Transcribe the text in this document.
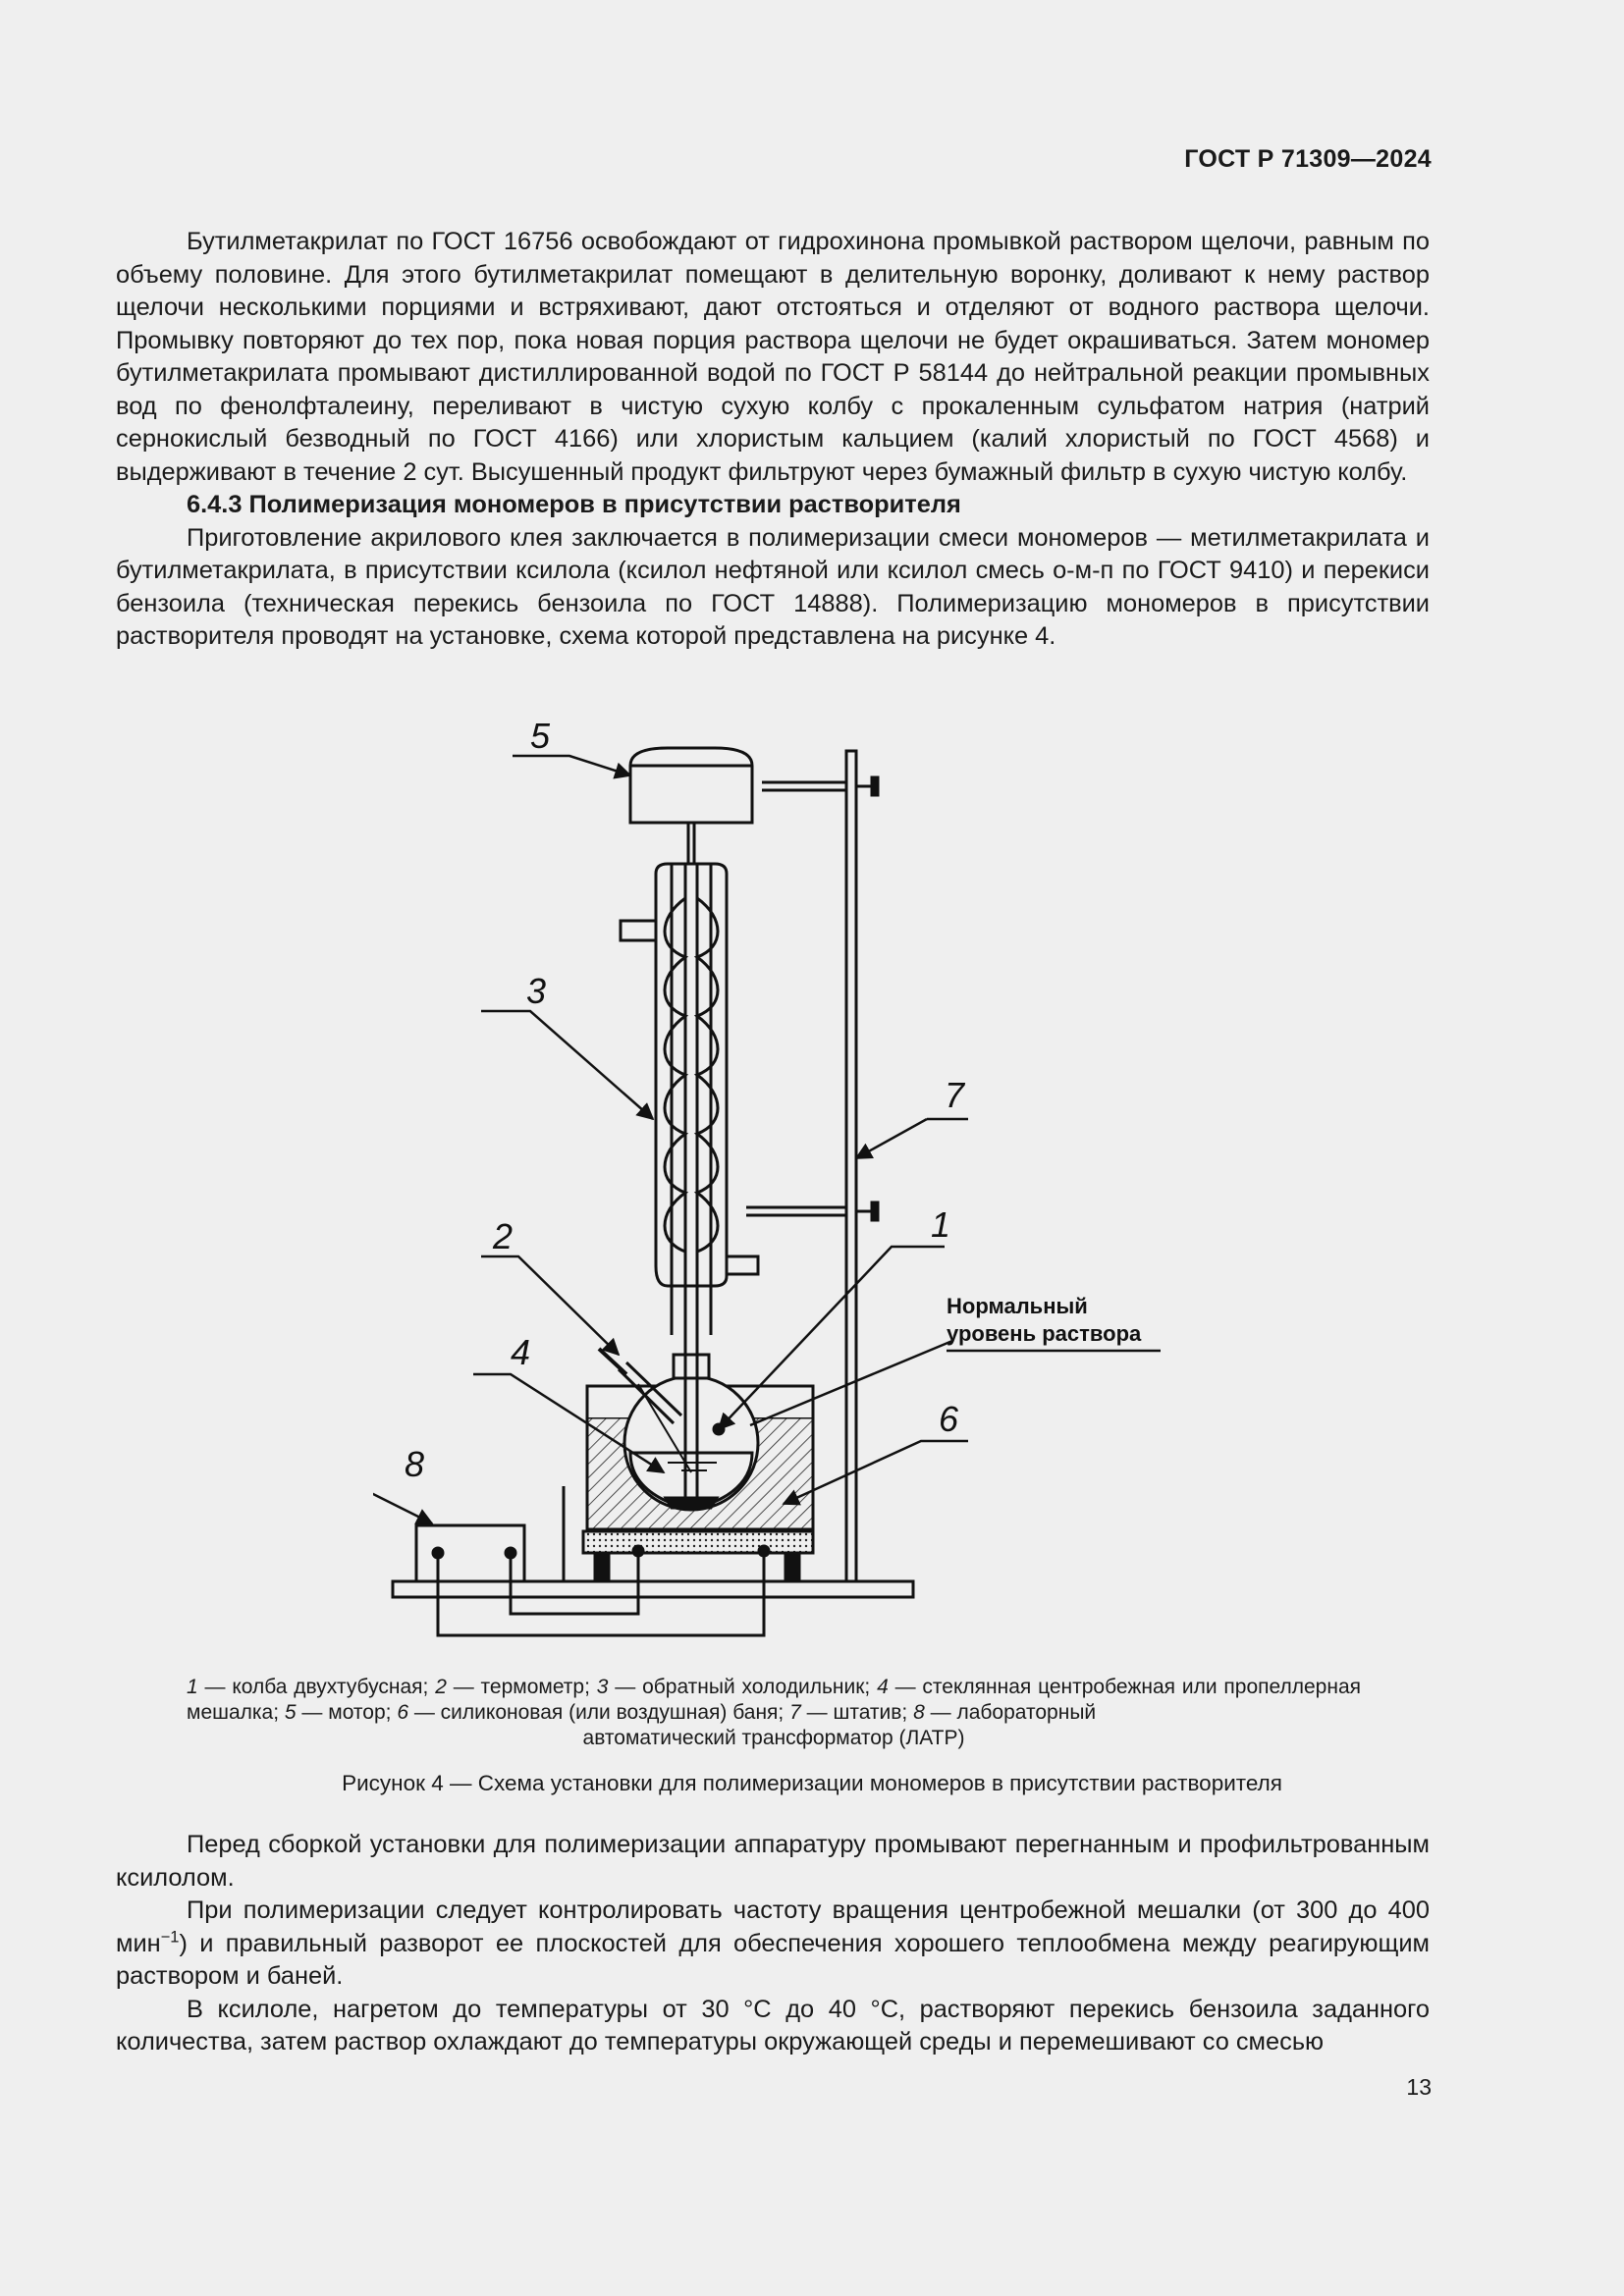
ГОСТ Р 71309—2024

Бутилметакрилат по ГОСТ 16756 освобождают от гидрохинона промывкой раствором щелочи, равным по объему половине. Для этого бутилметакрилат помещают в делительную воронку, доливают к нему раствор щелочи несколькими порциями и встряхивают, дают отстояться и отделяют от водного раствора щелочи. Промывку повторяют до тех пор, пока новая порция раствора щелочи не будет окрашиваться. Затем мономер бутилметакрилата промывают дистиллированной водой по ГОСТ Р 58144 до нейтральной реакции промывных вод по фенолфталеину, переливают в чистую сухую колбу с прокаленным сульфатом натрия (натрий сернокислый безводный по ГОСТ 4166) или хлористым кальцием (калий хлористый по ГОСТ 4568) и выдерживают в течение 2 сут. Высушенный продукт фильтруют через бумажный фильтр в сухую чистую колбу.

6.4.3 Полимеризация мономеров в присутствии растворителя

Приготовление акрилового клея заключается в полимеризации смеси мономеров — метилметакрилата и бутилметакрилата, в присутствии ксилола (ксилол нефтяной или ксилол смесь о-м-п по ГОСТ 9410) и перекиси бензоила (техническая перекись бензоила по ГОСТ 14888). Полимеризацию мономеров в присутствии растворителя проводят на установке, схема которой представлена на рисунке 4.

5
3
2
4
7
1
6
8
Нормальный
уровень раствора
1 — колба двухтубусная; 2 — термометр; 3 — обратный холодильник; 4 — стеклянная центробежная или пропеллерная мешалка; 5 — мотор; 6 — силиконовая (или воздушная) баня; 7 — штатив; 8 — лабораторный
автоматический трансформатор (ЛАТР)
Рисунок 4 — Схема установки для полимеризации мономеров в присутствии растворителя

Перед сборкой установки для полимеризации аппаратуру промывают перегнанным и профильтрованным ксилолом.

При полимеризации следует контролировать частоту вращения центробежной мешалки (от 300 до 400 мин$^{-1}$) и правильный разворот ее плоскостей для обеспечения хорошего теплообмена между реагирующим раствором и баней.

В ксилоле, нагретом до температуры от 30 °С до 40 °С, растворяют перекись бензоила заданного количества, затем раствор охлаждают до температуры окружающей среды и перемешивают со смесью

13
